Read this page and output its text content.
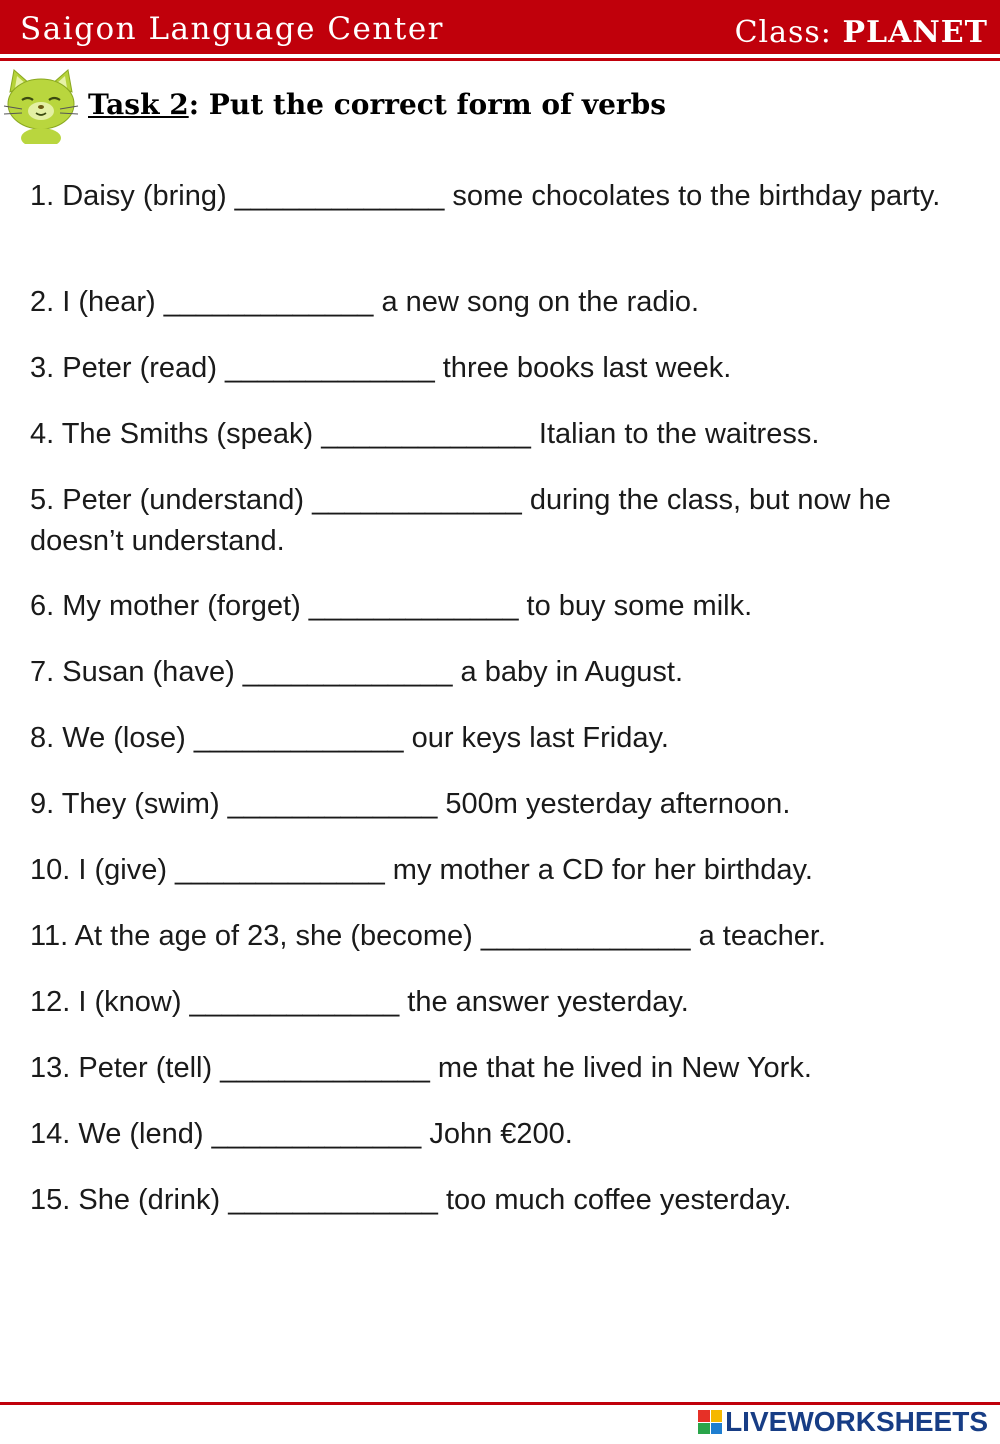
Saigon Language Center	Class: PLANET
Task 2: Put the correct form of verbs
1. Daisy (bring) _____________ some chocolates to the birthday party.
2. I (hear) _____________ a new song on the radio.
3. Peter (read) _____________ three books last week.
4. The Smiths (speak) _____________ Italian to the waitress.
5. Peter (understand) _____________ during the class, but now he doesn’t understand.
6. My mother (forget) _____________ to buy some milk.
7. Susan (have) _____________ a baby in August.
8. We (lose) _____________ our keys last Friday.
9. They (swim) _____________ 500m yesterday afternoon.
10. I (give) _____________ my mother a CD for her birthday.
11. At the age of 23, she (become) _____________ a teacher.
12. I (know) _____________ the answer yesterday.
13. Peter (tell) _____________ me that he lived in New York.
14. We (lend) _____________ John €200.
15. She (drink) _____________ too much coffee yesterday.
LIVEWORKSHEETS
